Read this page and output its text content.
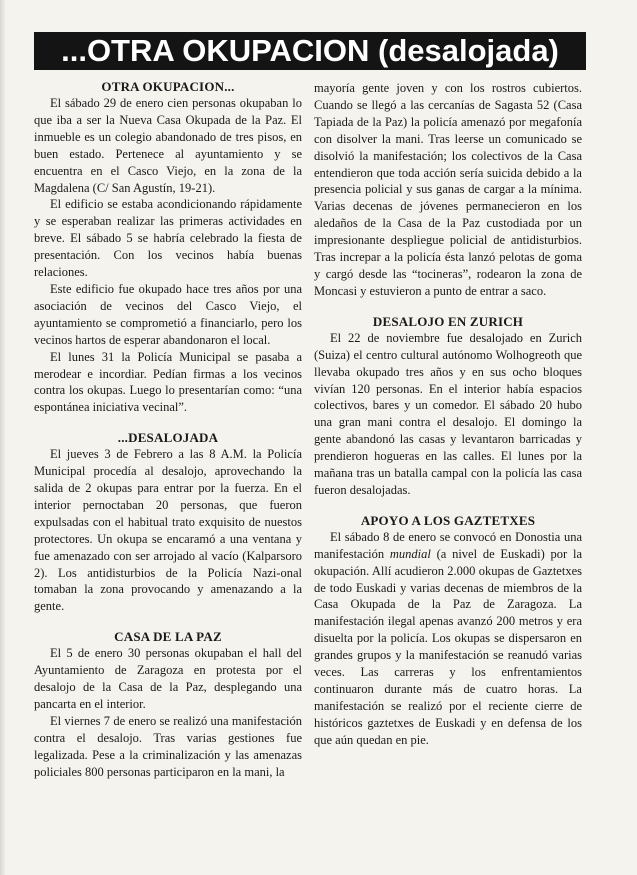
...OTRA OKUPACION (desalojada)
OTRA OKUPACION...

El sábado 29 de enero cien personas okupaban lo que iba a ser la Nueva Casa Okupada de la Paz. El inmueble es un colegio abandonado de tres pisos, en buen estado. Pertenece al ayuntamiento y se encuentra en el Casco Viejo, en la zona de la Magdalena (C/ San Agustín, 19-21).

El edificio se estaba acondicionando rápidamente y se esperaban realizar las primeras actividades en breve. El sábado 5 se habría celebrado la fiesta de presentación. Con los vecinos había buenas relaciones.

Este edificio fue okupado hace tres años por una asociación de vecinos del Casco Viejo, el ayuntamiento se comprometió a financiarlo, pero los vecinos hartos de esperar abandonaron el local.

El lunes 31 la Policía Municipal se pasaba a merodear e incordiar. Pedían firmas a los vecinos contra los okupas. Luego lo presentarían como: “una espontánea iniciativa vecinal”.

...DESALOJADA

El jueves 3 de Febrero a las 8 A.M. la Policía Municipal procedía al desalojo, aprovechando la salida de 2 okupas para entrar por la fuerza. En el interior pernoctaban 20 personas, que fueron expulsadas con el habitual trato exquisito de nuestos protectores. Un okupa se encaramó a una ventana y fue amenazado con ser arrojado al vacío (Kalparsoro 2). Los antidisturbios de la Policía Nazi-onal tomaban la zona provocando y amenazando a la gente.

CASA DE LA PAZ

El 5 de enero 30 personas okupaban el hall del Ayuntamiento de Zaragoza en protesta por el desalojo de la Casa de la Paz, desplegando una pancarta en el interior.

El viernes 7 de enero se realizó una manifestación contra el desalojo. Tras varias gestiones fue legalizada. Pese a la criminalización y las amenazas policiales 800 personas participaron en la mani, la

mayoría gente joven y con los rostros cubiertos. Cuando se llegó a las cercanías de Sagasta 52 (Casa Tapiada de la Paz) la policía amenazó por megafonía con disolver la mani. Tras leerse un comunicado se disolvió la manifestación; los colectivos de la Casa entendieron que toda acción sería suicida debido a la presencia policial y sus ganas de cargar a la mínima. Varias decenas de jóvenes permanecieron en los aledaños de la Casa de la Paz custodiada por un impresionante despliegue policial de antidisturbios. Tras increpar a la policía ésta lanzó pelotas de goma y cargó desde las “tocineras”, rodearon la zona de Moncasi y estuvieron a punto de entrar a saco.

DESALOJO EN ZURICH

El 22 de noviembre fue desalojado en Zurich (Suiza) el centro cultural autónomo Wolhogreoth que llevaba okupado tres años y en sus ocho bloques vivían 120 personas. En el interior había espacios colectivos, bares y un comedor. El sábado 20 hubo una gran mani contra el desalojo. El domingo la gente abandonó las casas y levantaron barricadas y prendieron hogueras en las calles. El lunes por la mañana tras un batalla campal con la policía las casa fueron desalojadas.

APOYO A LOS GAZTETXES

El sábado 8 de enero se convocó en Donostia una manifestación mundial (a nivel de Euskadi) por la okupación. Allí acudieron 2.000 okupas de Gaztetxes de todo Euskadi y varias decenas de miembros de la Casa Okupada de la Paz de Zaragoza. La manifestación ilegal apenas avanzó 200 metros y era disuelta por la policía. Los okupas se dispersaron en grandes grupos y la manifestación se reanudó varias veces. Las carreras y los enfrentamientos continuaron durante más de cuatro horas. La manifestación se realizó por el reciente cierre de históricos gaztetxes de Euskadi y en defensa de los que aún quedan en pie.
